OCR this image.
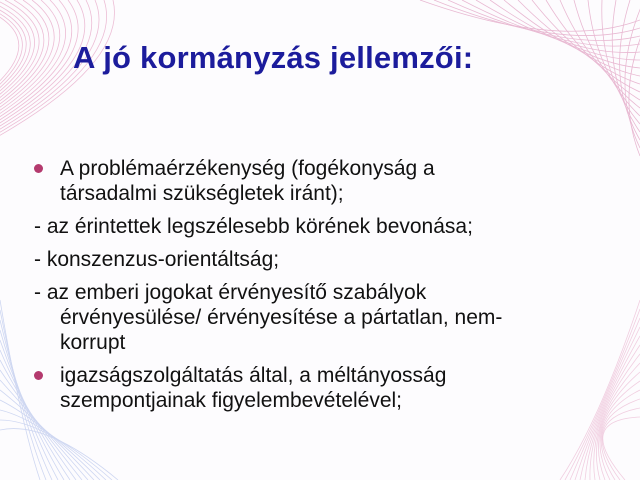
A jó kormányzás jellemzői:
A problémaérzékenység (fogékonyság a
társadalmi szükségletek iránt);
- az érintettek legszélesebb körének bevonása;
- konszenzus-orientáltság;
- az emberi jogokat érvényesítő szabályok
érvényesülése/ érvényesítése a pártatlan, nem-
korrupt
igazságszolgáltatás által, a méltányosság
szempontjainak figyelembevételével;
